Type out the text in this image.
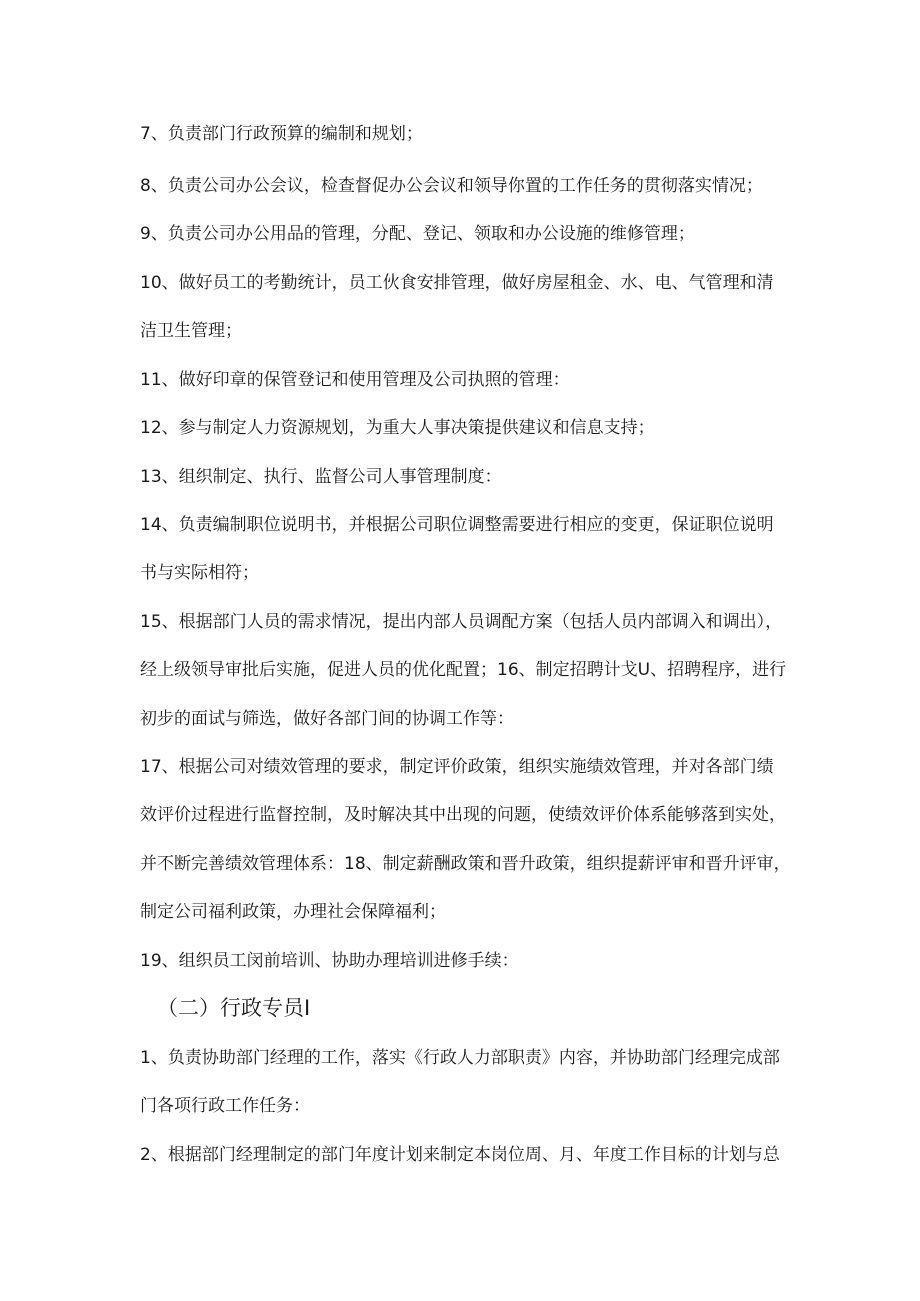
7、负责部门行政预算的编制和规划；
8、负责公司办公会议，检查督促办公会议和领导你置的工作任务的贯彻落实情况；
9、负责公司办公用品的管理，分配、登记、领取和办公设施的维修管理；
10、做好员工的考勤统计，员工伙食安排管理，做好房屋租金、水、电、气管理和清
洁卫生管理；
11、做好印章的保管登记和使用管理及公司执照的管理：
12、参与制定人力资源规划，为重大人事决策提供建议和信息支持；
13、组织制定、执行、监督公司人事管理制度：
14、负责编制职位说明书，并根据公司职位调整需要进行相应的变更，保证职位说明
书与实际相符；
15、根据部门人员的需求情况，提出内部人员调配方案（包括人员内部调入和调出），
经上级领导审批后实施，促进人员的优化配置；16、制定招聘计戈U、招聘程序，进行
初步的面试与筛选，做好各部门间的协调工作等：
17、根据公司对绩效管理的要求，制定评价政策，组织实施绩效管理，并对各部门绩
效评价过程进行监督控制，及时解决其中出现的问题，使绩效评价体系能够落到实处，
并不断完善绩效管理体系：18、制定薪酬政策和晋升政策，组织提薪评审和晋升评审，
制定公司福利政策，办理社会保障福利；
19、组织员工闵前培训、协助办理培训进修手续：
（二）行政专员I
1、负责协助部门经理的工作，落实《行政人力部职责》内容，并协助部门经理完成部
门各项行政工作任务：
2、根据部门经理制定的部门年度计划来制定本岗位周、月、年度工作目标的计划与总
